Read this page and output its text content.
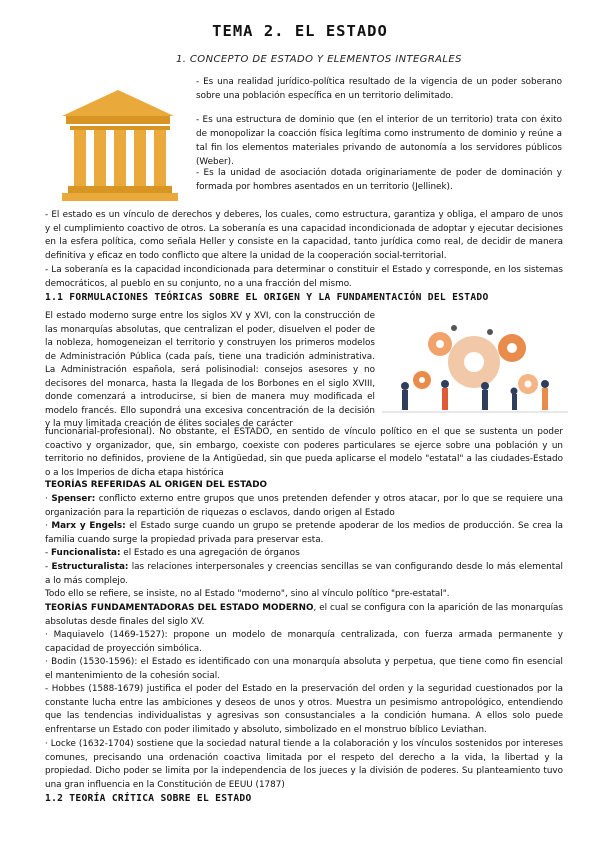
TEMA 2. EL ESTADO
1. CONCEPTO DE ESTADO Y ELEMENTOS INTEGRALES
- Es una realidad jurídico-política resultado de la vigencia de un poder soberano sobre una población específica en un territorio delimitado.
- Es una estructura de dominio que (en el interior de un territorio) trata con éxito de monopolizar la coacción física legítima como instrumento de dominio y reúne a tal fin los elementos materiales privando de autonomía a los servidores públicos (Weber).
- Es la unidad de asociación dotada originariamente de poder de dominación y formada por hombres asentados en un territorio (Jellinek).
- El estado es un vínculo de derechos y deberes, los cuales, como estructura, garantiza y obliga, el amparo de unos y el cumplimiento coactivo de otros. La soberanía es una capacidad incondicionada de adoptar y ejecutar decisiones en la esfera política, como señala Heller y consiste en la capacidad, tanto jurídica como real, de decidir de manera definitiva y eficaz en todo conflicto que altere la unidad de la cooperación social-territorial.
- La soberanía es la capacidad incondicionada para determinar o constituir el Estado y corresponde, en los sistemas democráticos, al pueblo en su conjunto, no a una fracción del mismo.
1.1 FORMULACIONES TEÓRICAS SOBRE EL ORIGEN Y LA FUNDAMENTACIÓN DEL ESTADO
El estado moderno surge entre los siglos XV y XVI, con la construcción de las monarquías absolutas, que centralizan el poder, disuelven el poder de la nobleza, homogeneizan el territorio y construyen los primeros modelos de Administración Pública (cada país, tiene una tradición administrativa. La Administración española, será polisinodial: consejos asesores y no decisores del monarca, hasta la llegada de los Borbones en el siglo XVIII, donde comenzará a introducirse, si bien de manera muy modificada el modelo francés. Ello supondrá una excesiva concentración de la decisión y la muy limitada creación de élites sociales de carácter
funcionarial-profesional). No obstante, el ESTADO, en sentido de vínculo político en el que se sustenta un poder coactivo y organizador, que, sin embargo, coexiste con poderes particulares se ejerce sobre una población y un territorio no definidos, proviene de la Antigüedad, sin que pueda aplicarse el modelo "estatal" a las ciudades-Estado o a los Imperios de dicha etapa histórica
TEORÍAS REFERIDAS AL ORIGEN DEL ESTADO
· Spenser: conflicto externo entre grupos que unos pretenden defender y otros atacar, por lo que se requiere una organización para la repartición de riquezas o esclavos, dando origen al Estado
· Marx y Engels: el Estado surge cuando un grupo se pretende apoderar de los medios de producción. Se crea la familia cuando surge la propiedad privada para preservar esta.
- Funcionalista: el Estado es una agregación de órganos
- Estructuralista: las relaciones interpersonales y creencias sencillas se van configurando desde lo más elemental a lo más complejo.
Todo ello se refiere, se insiste, no al Estado "moderno", sino al vínculo político "pre-estatal".
TEORÍAS FUNDAMENTADORAS DEL ESTADO MODERNO, el cual se configura con la aparición de las monarquías absolutas desde finales del siglo XV.
· Maquiavelo (1469-1527): propone un modelo de monarquía centralizada, con fuerza armada permanente y capacidad de proyección simbólica.
· Bodin (1530-1596): el Estado es identificado con una monarquía absoluta y perpetua, que tiene como fin esencial el mantenimiento de la cohesión social.
- Hobbes (1588-1679) justifica el poder del Estado en la preservación del orden y la seguridad cuestionados por la constante lucha entre las ambiciones y deseos de unos y otros. Muestra un pesimismo antropológico, entendiendo que las tendencias individualistas y agresivas son consustanciales a la condición humana. A ellos solo puede enfrentarse un Estado con poder ilimitado y absoluto, simbolizado en el monstruo bíblico Leviathan.
· Locke (1632-1704) sostiene que la sociedad natural tiende a la colaboración y los vínculos sostenidos por intereses comunes, precisando una ordenación coactiva limitada por el respeto del derecho a la vida, la libertad y la propiedad. Dicho poder se limita por la independencia de los jueces y la división de poderes. Su planteamiento tuvo una gran influencia en la Constitución de EEUU (1787)
1.2 TEORÍA CRÍTICA SOBRE EL ESTADO
